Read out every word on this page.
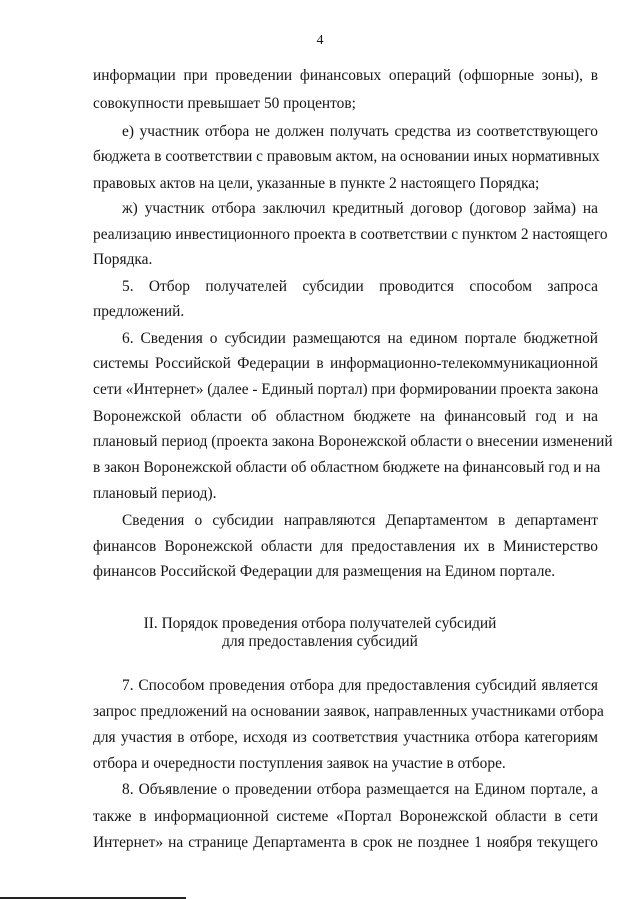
4
информации при проведении финансовых операций (офшорные зоны), в
совокупности превышает 50 процентов;
е) участник отбора не должен получать средства из соответствующего
бюджета в соответствии с правовым актом, на основании иных нормативных
правовых актов на цели, указанные в пункте 2 настоящего Порядка;
ж) участник отбора заключил кредитный договор (договор займа) на
реализацию инвестиционного проекта в соответствии с пунктом 2 настоящего
Порядка.
5. Отбор получателей субсидии проводится способом запроса
предложений.
6. Сведения о субсидии размещаются на едином портале бюджетной
системы Российской Федерации в информационно-телекоммуникационной
сети «Интернет» (далее - Единый портал) при формировании проекта закона
Воронежской области об областном бюджете на финансовый год и на
плановый период (проекта закона Воронежской области о внесении изменений
в закон Воронежской области об областном бюджете на финансовый год и на
плановый период).
Сведения о субсидии направляются Департаментом в департамент
финансов Воронежской области для предоставления их в Министерство
финансов Российской Федерации для размещения на Едином портале.
II. Порядок проведения отбора получателей субсидий
для предоставления субсидий
7. Способом проведения отбора для предоставления субсидий является
запрос предложений на основании заявок, направленных участниками отбора
для участия в отборе, исходя из соответствия участника отбора категориям
отбора и очередности поступления заявок на участие в отборе.
8. Объявление о проведении отбора размещается на Едином портале, а
также в информационной системе «Портал Воронежской области в сети
Интернет» на странице Департамента в срок не позднее 1 ноября текущего
